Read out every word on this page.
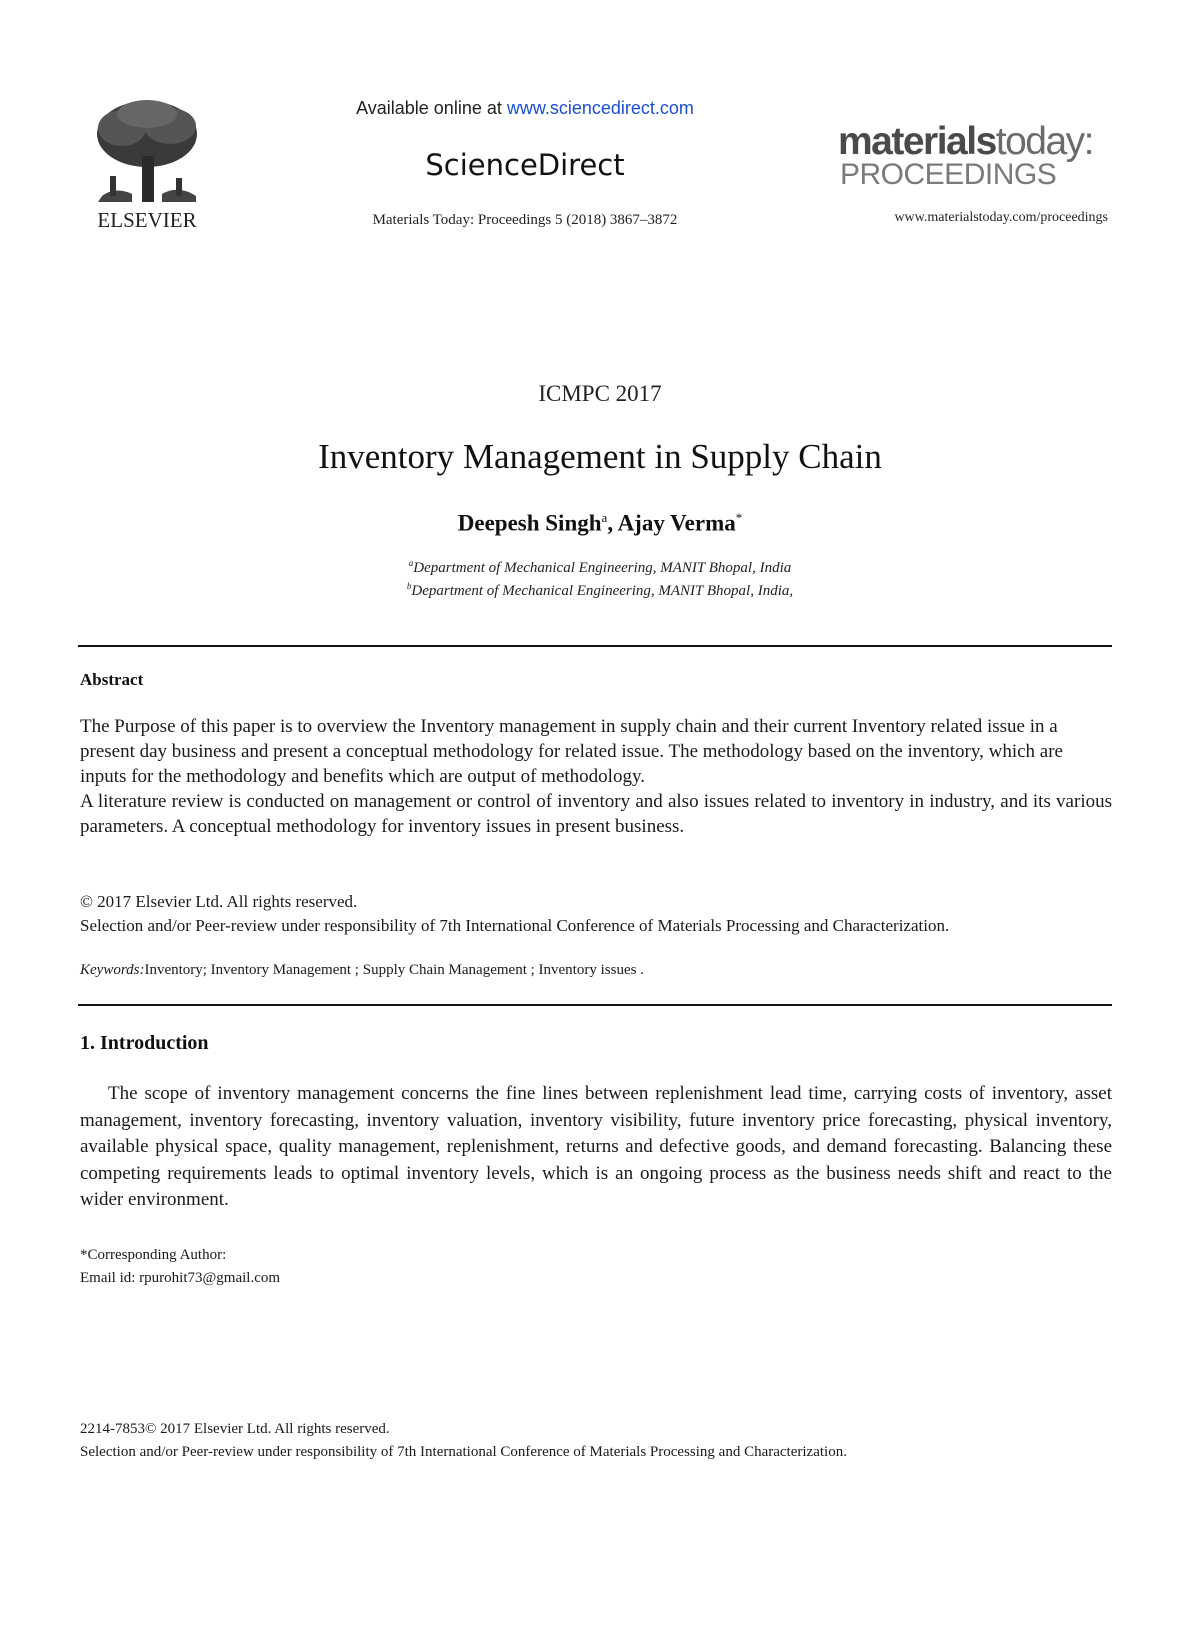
ELSEVIER
Available online at www.sciencedirect.com
ScienceDirect
Materials Today: Proceedings 5 (2018) 3867–3872
materialstoday:
PROCEEDINGS
www.materialstoday.com/proceedings
ICMPC 2017
Inventory Management in Supply Chain
Deepesh Singh$^a$, Ajay Verma*
$^a$Department of Mechanical Engineering, MANIT Bhopal, India
$^b$Department of Mechanical Engineering, MANIT Bhopal, India,
Abstract

The Purpose of this paper is to overview the Inventory management in supply chain and their current Inventory related issue in a present day business and present a conceptual methodology for related issue. The methodology based on the inventory, which are inputs for the methodology and benefits which are output of methodology.

A literature review is conducted on management or control of inventory and also issues related to inventory in industry, and its various parameters. A conceptual methodology for inventory issues in present business.

© 2017 Elsevier Ltd. All rights reserved.

Selection and/or Peer-review under responsibility of 7th International Conference of Materials Processing and Characterization.

Keywords:Inventory; Inventory Management ; Supply Chain Management ; Inventory issues .
1. Introduction

The scope of inventory management concerns the fine lines between replenishment lead time, carrying costs of inventory, asset management, inventory forecasting, inventory valuation, inventory visibility, future inventory price forecasting, physical inventory, available physical space, quality management, replenishment, returns and defective goods, and demand forecasting. Balancing these competing requirements leads to optimal inventory levels, which is an ongoing process as the business needs shift and react to the wider environment.

*Corresponding Author:
Email id: rpurohit73@gmail.com
2214-7853© 2017 Elsevier Ltd. All rights reserved.
Selection and/or Peer-review under responsibility of 7th International Conference of Materials Processing and Characterization.
